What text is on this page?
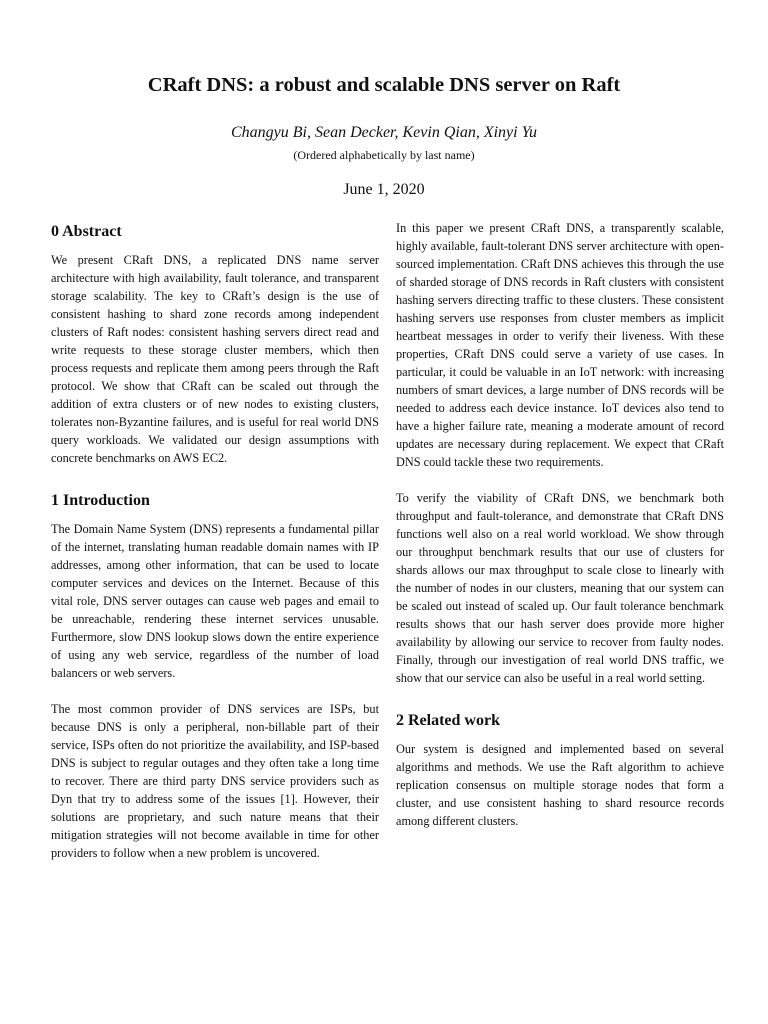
CRaft DNS: a robust and scalable DNS server on Raft
Changyu Bi, Sean Decker, Kevin Qian, Xinyi Yu
(Ordered alphabetically by last name)
June 1, 2020
0 Abstract

We present CRaft DNS, a replicated DNS name server architecture with high availability, fault tolerance, and transparent storage scalability. The key to CRaft’s design is the use of consistent hashing to shard zone records among independent clusters of Raft nodes: consistent hashing servers direct read and write requests to these storage cluster members, which then process requests and replicate them among peers through the Raft protocol. We show that CRaft can be scaled out through the addition of extra clusters or of new nodes to existing clusters, tolerates non-Byzantine failures, and is useful for real world DNS query workloads. We validated our design assumptions with concrete benchmarks on AWS EC2.

1 Introduction

The Domain Name System (DNS) represents a fundamental pillar of the internet, translating human readable domain names with IP addresses, among other information, that can be used to locate computer services and devices on the Internet. Because of this vital role, DNS server outages can cause web pages and email to be unreachable, rendering these internet services unusable. Furthermore, slow DNS lookup slows down the entire experience of using any web service, regardless of the number of load balancers or web servers.

The most common provider of DNS services are ISPs, but because DNS is only a peripheral, non-billable part of their service, ISPs often do not prioritize the availability, and ISP-based DNS is subject to regular outages and they often take a long time to recover. There are third party DNS service providers such as Dyn that try to address some of the issues [1]. However, their solutions are proprietary, and such nature means that their mitigation strategies will not become available in time for other providers to follow when a new problem is uncovered.

In this paper we present CRaft DNS, a transparently scalable, highly available, fault-tolerant DNS server architecture with open-sourced implementation. CRaft DNS achieves this through the use of sharded storage of DNS records in Raft clusters with consistent hashing servers directing traffic to these clusters. These consistent hashing servers use responses from cluster members as implicit heartbeat messages in order to verify their liveness. With these properties, CRaft DNS could serve a variety of use cases. In particular, it could be valuable in an IoT network: with increasing numbers of smart devices, a large number of DNS records will be needed to address each device instance. IoT devices also tend to have a higher failure rate, meaning a moderate amount of record updates are necessary during replacement. We expect that CRaft DNS could tackle these two requirements.

To verify the viability of CRaft DNS, we benchmark both throughput and fault-tolerance, and demonstrate that CRaft DNS functions well also on a real world workload. We show through our throughput benchmark results that our use of clusters for shards allows our max throughput to scale close to linearly with the number of nodes in our clusters, meaning that our system can be scaled out instead of scaled up. Our fault tolerance benchmark results shows that our hash server does provide more higher availability by allowing our service to recover from faulty nodes. Finally, through our investigation of real world DNS traffic, we show that our service can also be useful in a real world setting.

2 Related work

Our system is designed and implemented based on several algorithms and methods. We use the Raft algorithm to achieve replication consensus on multiple storage nodes that form a cluster, and use consistent hashing to shard resource records among different clusters.
